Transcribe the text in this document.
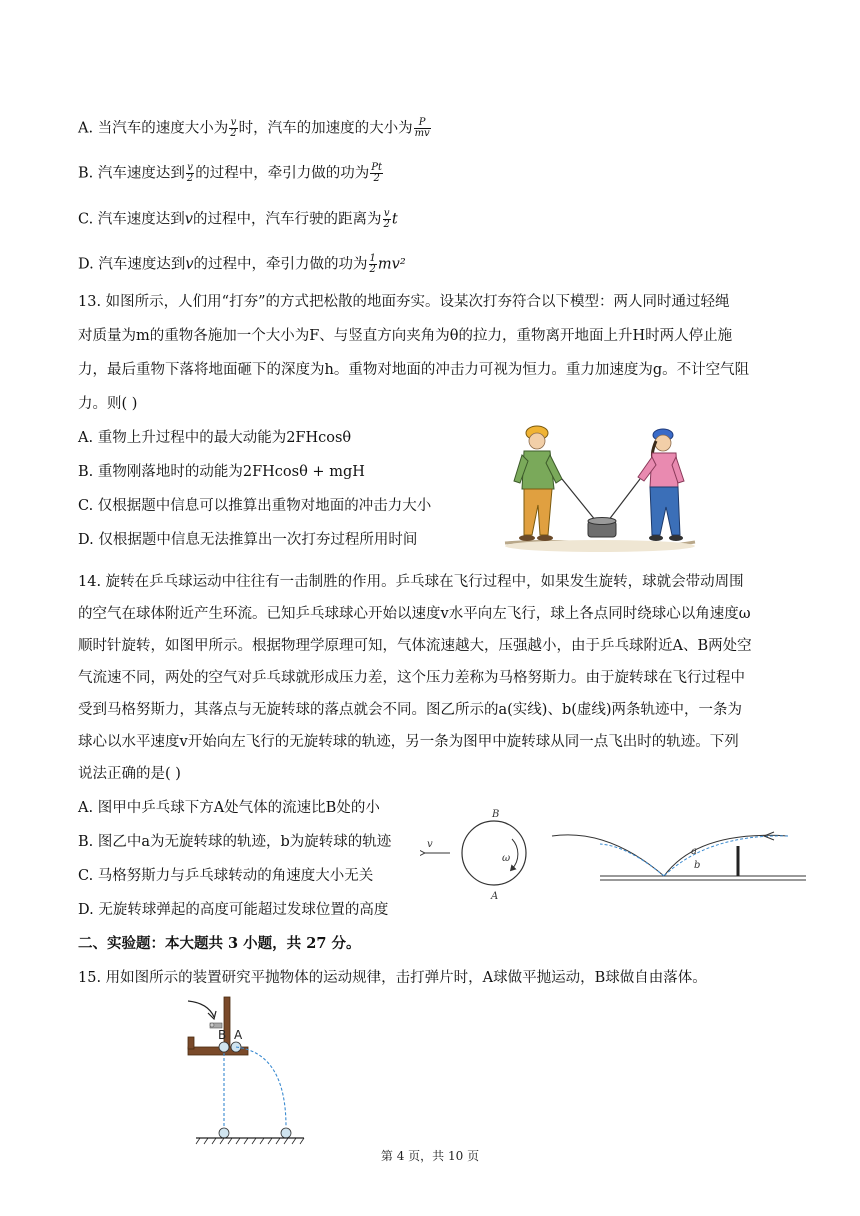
A. 当汽车的速度大小为 $\frac{v}{2}$ 时，汽车的加速度的大小为 $\frac{P}{mv}$
B. 汽车速度达到 $\frac{v}{2}$ 的过程中，牵引力做的功为 $\frac{Pt}{2}$
C. 汽车速度达到v的过程中，汽车行驶的距离为 $\frac{v}{2}$ t
D. 汽车速度达到v的过程中，牵引力做的功为 $\frac{1}{2} mv^2$
13. 如图所示，人们用“打夯”的方式把松散的地面夯实。设某次打夯符合以下模型：两人同时通过轻绳
对质量为m的重物各施加一个大小为F、与竖直方向夹角为θ的拉力，重物离开地面上升H时两人停止施
力，最后重物下落将地面砸下的深度为h。重物对地面的冲击力可视为恒力。重力加速度为g。不计空气阻
力。则( )
A. 重物上升过程中的最大动能为2FHcosθ
B. 重物刚落地时的动能为2FHcosθ + mgH
C. 仅根据题中信息可以推算出重物对地面的冲击力大小
D. 仅根据题中信息无法推算出一次打夯过程所用时间
14. 旋转在乒乓球运动中往往有一击制胜的作用。乒乓球在飞行过程中，如果发生旋转，球就会带动周围
的空气在球体附近产生环流。已知乒乓球球心开始以速度v水平向左飞行，球上各点同时绕球心以角速度ω
顺时针旋转，如图甲所示。根据物理学原理可知，气体流速越大，压强越小，由于乒乓球附近A、B两处空
气流速不同，两处的空气对乒乓球就形成压力差，这个压力差称为马格努斯力。由于旋转球在飞行过程中
受到马格努斯力，其落点与无旋转球的落点就会不同。图乙所示的a(实线)、b(虚线)两条轨迹中，一条为
球心以水平速度v开始向左飞行的无旋转球的轨迹，另一条为图甲中旋转球从同一点飞出时的轨迹。下列
说法正确的是( )
A. 图甲中乒乓球下方A处气体的流速比B处的小
B. 图乙中a为无旋转球的轨迹，b为旋转球的轨迹
C. 马格努斯力与乒乓球转动的角速度大小无关
D. 无旋转球弹起的高度可能超过发球位置的高度
v
B
A
ω
a
b
二、实验题：本大题共 3 小题，共 27 分。
15. 用如图所示的装置研究平抛物体的运动规律，击打弹片时，A球做平抛运动，B球做自由落体。
B A
第 4 页，共 10 页
